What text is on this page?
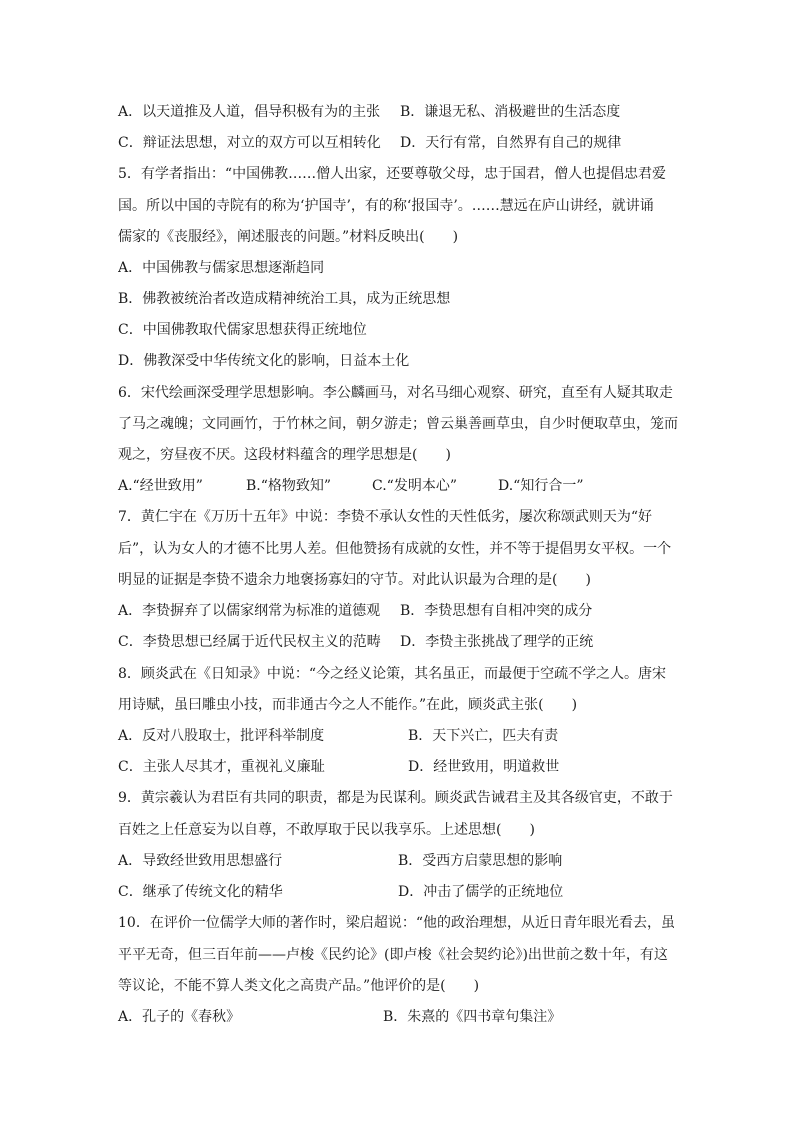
A．以天道推及人道，倡导积极有为的主张 B．谦退无私、消极避世的生活态度
C．辩证法思想，对立的双方可以互相转化 D．天行有常，自然界有自己的规律
5．有学者指出：“中国佛教……僧人出家，还要尊敬父母，忠于国君，僧人也提倡忠君爱
国。所以中国的寺院有的称为‘护国寺’，有的称‘报国寺’。……慧远在庐山讲经，就讲诵
儒家的《丧服经》，阐述服丧的问题。”材料反映出(　　)
A．中国佛教与儒家思想逐渐趋同
B．佛教被统治者改造成精神统治工具，成为正统思想
C．中国佛教取代儒家思想获得正统地位
D．佛教深受中华传统文化的影响，日益本土化
6．宋代绘画深受理学思想影响。李公麟画马，对名马细心观察、研究，直至有人疑其取走
了马之魂魄；文同画竹，于竹林之间，朝夕游走；曾云巢善画草虫，自少时便取草虫，笼而
观之，穷昼夜不厌。这段材料蕴含的理学思想是(　　)
A.“经世致用”	B.“格物致知”	C.“发明本心”	D.“知行合一”
7．黄仁宇在《万历十五年》中说：李贽不承认女性的天性低劣，屡次称颂武则天为“好
后”，认为女人的才德不比男人差。但他赞扬有成就的女性，并不等于提倡男女平权。一个
明显的证据是李贽不遗余力地褒扬寡妇的守节。对此认识最为合理的是(　　)
A．李贽摒弃了以儒家纲常为标准的道德观 B．李贽思想有自相冲突的成分
C．李贽思想已经属于近代民权主义的范畴 D．李贽主张挑战了理学的正统
8．顾炎武在《日知录》中说：“今之经义论策，其名虽正，而最便于空疏不学之人。唐宋
用诗赋，虽曰雕虫小技，而非通古今之人不能作。”在此，顾炎武主张(　　)
A．反对八股取士，批评科举制度	B．天下兴亡，匹夫有责
C．主张人尽其才，重视礼义廉耻	D．经世致用，明道救世
9．黄宗羲认为君臣有共同的职责，都是为民谋利。顾炎武告诫君主及其各级官吏，不敢于
百姓之上任意妄为以自尊，不敢厚取于民以我享乐。上述思想(　　)
A．导致经世致用思想盛行	B．受西方启蒙思想的影响
C．继承了传统文化的精华	D．冲击了儒学的正统地位
10．在评价一位儒学大师的著作时，梁启超说：“他的政治理想，从近日青年眼光看去，虽
平平无奇，但三百年前——卢梭《民约论》(即卢梭《社会契约论》)出世前之数十年，有这
等议论，不能不算人类文化之高贵产品。”他评价的是(　　)
A．孔子的《春秋》	B．朱熹的《四书章句集注》
